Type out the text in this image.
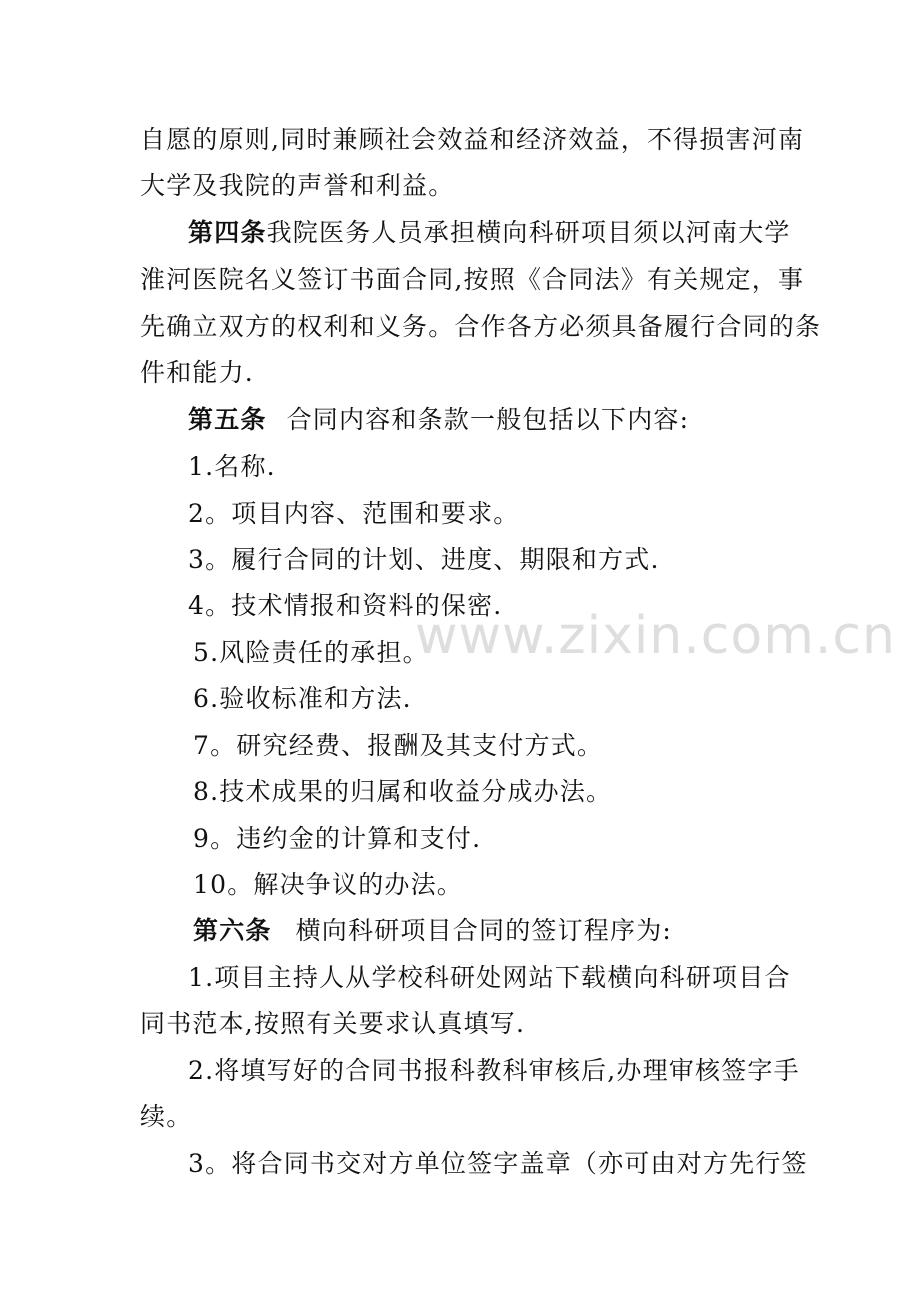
www.zixin.com.cn
自愿的原则,同时兼顾社会效益和经济效益，不得损害河南
大学及我院的声誉和利益。
第四条我院医务人员承担横向科研项目须以河南大学
淮河医院名义签订书面合同,按照《合同法》有关规定，事
先确立双方的权利和义务。合作各方必须具备履行合同的条
件和能力.
第五条 合同内容和条款一般包括以下内容:
1.名称.
2。项目内容、范围和要求。
3。履行合同的计划、进度、期限和方式.
4。技术情报和资料的保密.
5.风险责任的承担。
6.验收标准和方法.
7。研究经费、报酬及其支付方式。
8.技术成果的归属和收益分成办法。
9。违约金的计算和支付.
10。解决争议的办法。
第六条 横向科研项目合同的签订程序为:
1.项目主持人从学校科研处网站下载横向科研项目合
同书范本,按照有关要求认真填写.
2.将填写好的合同书报科教科审核后,办理审核签字手
续。
3。将合同书交对方单位签字盖章（亦可由对方先行签
